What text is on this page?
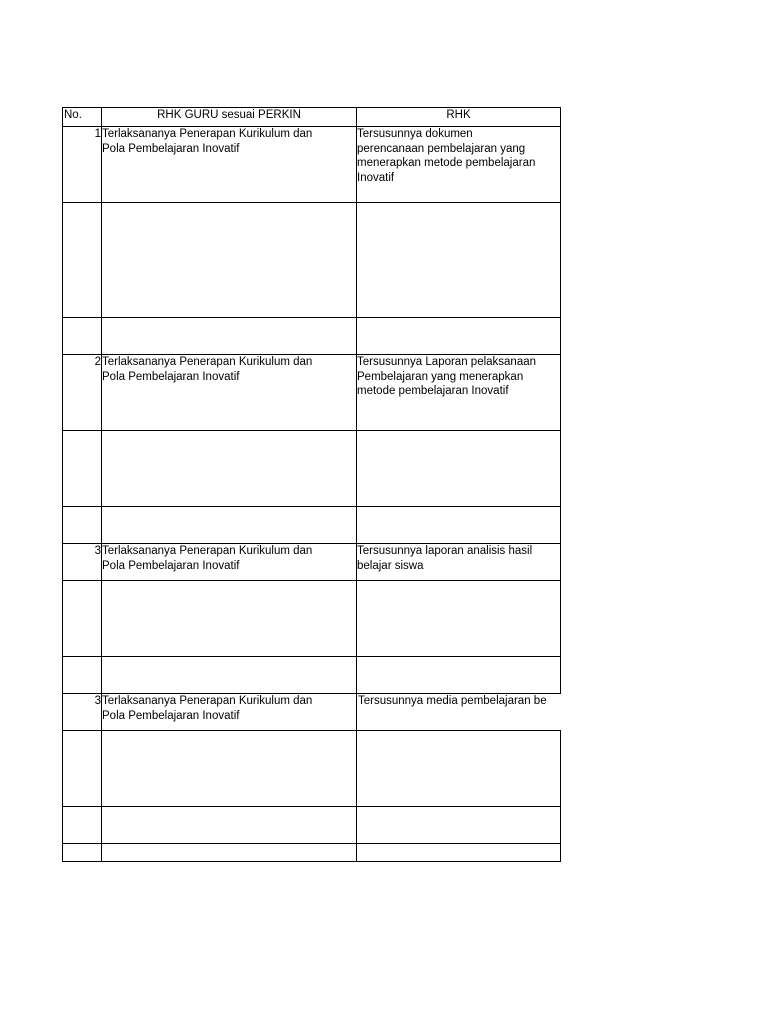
No.	RHK GURU sesuai PERKIN	RHK
1	Terlaksananya Penerapan Kurikulum dan
Pola Pembelajaran Inovatif	Tersusunnya dokumen
perencanaan pembelajaran yang
menerapkan metode pembelajaran
Inovatif

2	Terlaksananya Penerapan Kurikulum dan
Pola Pembelajaran Inovatif	Tersusunnya Laporan pelaksanaan
Pembelajaran yang menerapkan
metode pembelajaran Inovatif

3	Terlaksananya Penerapan Kurikulum dan
Pola Pembelajaran Inovatif	Tersusunnya laporan analisis hasil
belajar siswa

3	Terlaksananya Penerapan Kurikulum dan
Pola Pembelajaran Inovatif	Tersusunnya media pembelajaran be
